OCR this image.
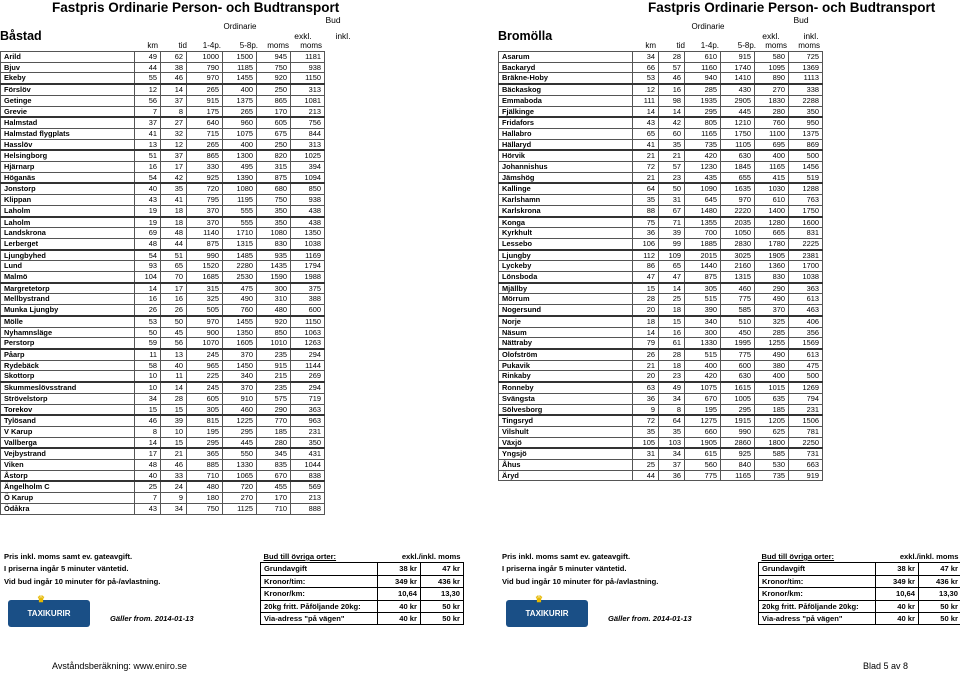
Fastpris Ordinarie Person- och Budtransport
Båstad
Bud
Ordinarie
exkl.	inkl.
km	tid	1-4p.	5-8p.	moms	moms
Arild	49	62	1000	1500	945	1181
Bjuv	44	38	790	1185	750	938
Ekeby	55	46	970	1455	920	1150
Förslöv	12	14	265	400	250	313
Getinge	56	37	915	1375	865	1081
Grevie	7	8	175	265	170	213
Halmstad	37	27	640	960	605	756
Halmstad flygplats	41	32	715	1075	675	844
Hasslöv	13	12	265	400	250	313
Helsingborg	51	37	865	1300	820	1025
Hjärnarp	16	17	330	495	315	394
Höganäs	54	42	925	1390	875	1094
Jonstorp	40	35	720	1080	680	850
Klippan	43	41	795	1195	750	938
Laholm	19	18	370	555	350	438
Laholm	19	18	370	555	350	438
Landskrona	69	48	1140	1710	1080	1350
Lerberget	48	44	875	1315	830	1038
Ljungbyhed	54	51	990	1485	935	1169
Lund	93	65	1520	2280	1435	1794
Malmö	104	70	1685	2530	1590	1988
Margretetorp	14	17	315	475	300	375
Mellbystrand	16	16	325	490	310	388
Munka Ljungby	26	26	505	760	480	600
Mölle	53	50	970	1455	920	1150
Nyhamnsläge	50	45	900	1350	850	1063
Perstorp	59	56	1070	1605	1010	1263
Påarp	11	13	245	370	235	294
Rydebäck	58	40	965	1450	915	1144
Skottorp	10	11	225	340	215	269
Skummeslövsstrand	10	14	245	370	235	294
Strövelstorp	34	28	605	910	575	719
Torekov	15	15	305	460	290	363
Tylösand	46	39	815	1225	770	963
V Karup	8	10	195	295	185	231
Vallberga	14	15	295	445	280	350
Vejbystrand	17	21	365	550	345	431
Viken	48	46	885	1330	835	1044
Åstorp	40	33	710	1065	670	838
Ängelholm C	25	24	480	720	455	569
Ö Karup	7	9	180	270	170	213
Ödåkra	43	34	750	1125	710	888
Fastpris Ordinarie Person- och Budtransport
Bromölla
Bud
Ordinarie
exkl.	inkl.
km	tid	1-4p.	5-8p.	moms	moms
Asarum	34	28	610	915	580	725
Backaryd	66	57	1160	1740	1095	1369
Bräkne-Hoby	53	46	940	1410	890	1113
Bäckaskog	12	16	285	430	270	338
Emmaboda	111	98	1935	2905	1830	2288
Fjälkinge	14	14	295	445	280	350
Fridafors	43	42	805	1210	760	950
Hallabro	65	60	1165	1750	1100	1375
Hällaryd	41	35	735	1105	695	869
Hörvik	21	21	420	630	400	500
Johannishus	72	57	1230	1845	1165	1456
Jämshög	21	23	435	655	415	519
Kallinge	64	50	1090	1635	1030	1288
Karlshamn	35	31	645	970	610	763
Karlskrona	88	67	1480	2220	1400	1750
Konga	75	71	1355	2035	1280	1600
Kyrkhult	36	39	700	1050	665	831
Lessebo	106	99	1885	2830	1780	2225
Ljungby	112	109	2015	3025	1905	2381
Lyckeby	86	65	1440	2160	1360	1700
Lönsboda	47	47	875	1315	830	1038
Mjällby	15	14	305	460	290	363
Mörrum	28	25	515	775	490	613
Nogersund	20	18	390	585	370	463
Norje	18	15	340	510	325	406
Näsum	14	16	300	450	285	356
Nättraby	79	61	1330	1995	1255	1569
Olofström	26	28	515	775	490	613
Pukavik	21	18	400	600	380	475
Rinkaby	20	23	420	630	400	500
Ronneby	63	49	1075	1615	1015	1269
Svängsta	36	34	670	1005	635	794
Sölvesborg	9	8	195	295	185	231
Tingsryd	72	64	1275	1915	1205	1506
Vilshult	35	35	660	990	625	781
Växjö	105	103	1905	2860	1800	2250
Yngsjö	31	34	615	925	585	731
Åhus	25	37	560	840	530	663
Äryd	44	36	775	1165	735	919
Pris inkl. moms samt ev. gateavgift.
I priserna ingår 5 minuter väntetid.
Vid bud ingår 10 minuter för på-/avlastning.
♛
TAXIKURIR
Gäller from. 2014-01-13
Bud till övriga orter:	exkl./inkl. moms	
Grundavgift	38 kr	47 kr
Kronor/tim:	349 kr	436 kr
Kronor/km:	10,64	13,30
20kg fritt. Påföljande 20kg:	40 kr	50 kr
Via-adress "på vägen"	40 kr	50 kr
Pris inkl. moms samt ev. gateavgift.
I priserna ingår 5 minuter väntetid.
Vid bud ingår 10 minuter för på-/avlastning.
♛
TAXIKURIR
Gäller from. 2014-01-13
Bud till övriga orter:	exkl./inkl. moms	
Grundavgift	38 kr	47 kr
Kronor/tim:	349 kr	436 kr
Kronor/km:	10,64	13,30
20kg fritt. Påföljande 20kg:	40 kr	50 kr
Via-adress "på vägen"	40 kr	50 kr
Avståndsberäkning: www.eniro.se	Blad 5 av 8
